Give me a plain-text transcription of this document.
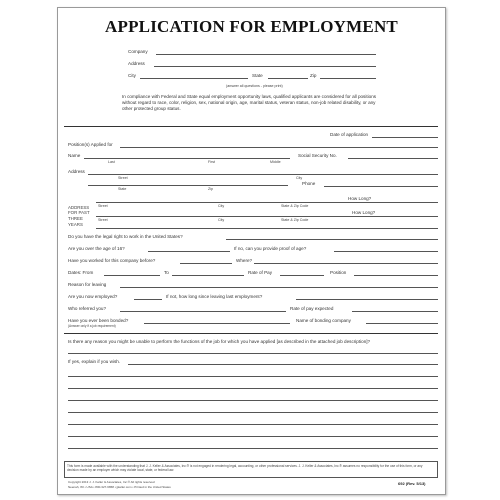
APPLICATION FOR EMPLOYMENT
Company
Address
City	State	Zip
(answer all questions - please print)
In compliance with Federal and State equal employment opportunity laws, qualified applicants are considered for all positions without regard to race, color, religion, sex, national origin, age, marital status, veteran status, non-job related disability, or any other protected group status.
Date of application
Position(s) Applied for
Name
Last	First	Middle
Social Security No.
Address
Street	City
Phone
State	Zip
ADDRESS
FOR PAST
THREE
YEARS
How Long?
Street	City	State & Zip Code
How Long?
Street	City	State & Zip Code
Do you have the legal right to work in the United States?
Are you over the age of 16?	If no, can you provide proof of age?
Have you worked for this company before?	Where?
Dates: From	To	Rate of Pay	Position
Reason for leaving
Are you now employed?	If not, how long since leaving last employment?
Who referred you?	Rate of pay expected
Have you ever been bonded?
(Answer only if a job requirement)
Name of bonding company
Is there any reason you might be unable to perform the functions of the job for which you have applied [as described in the attached job description]?
If yes, explain if you wish.
This form is made available with the understanding that J. J. Keller & Associates, Inc.® is not engaged in rendering legal, accounting, or other professional services. J. J. Keller & Associates, Inc.® assumes no responsibility for the use of this form, or any decision made by an employer which may violate local, state, or federal law.
Copyright 2013 J. J. Keller & Associates, Inc.® All rights reserved
Neenah, WI • USA • 800-327-6868 • jjkeller.com • Printed in the United States
692 (Rev. 5/13)
